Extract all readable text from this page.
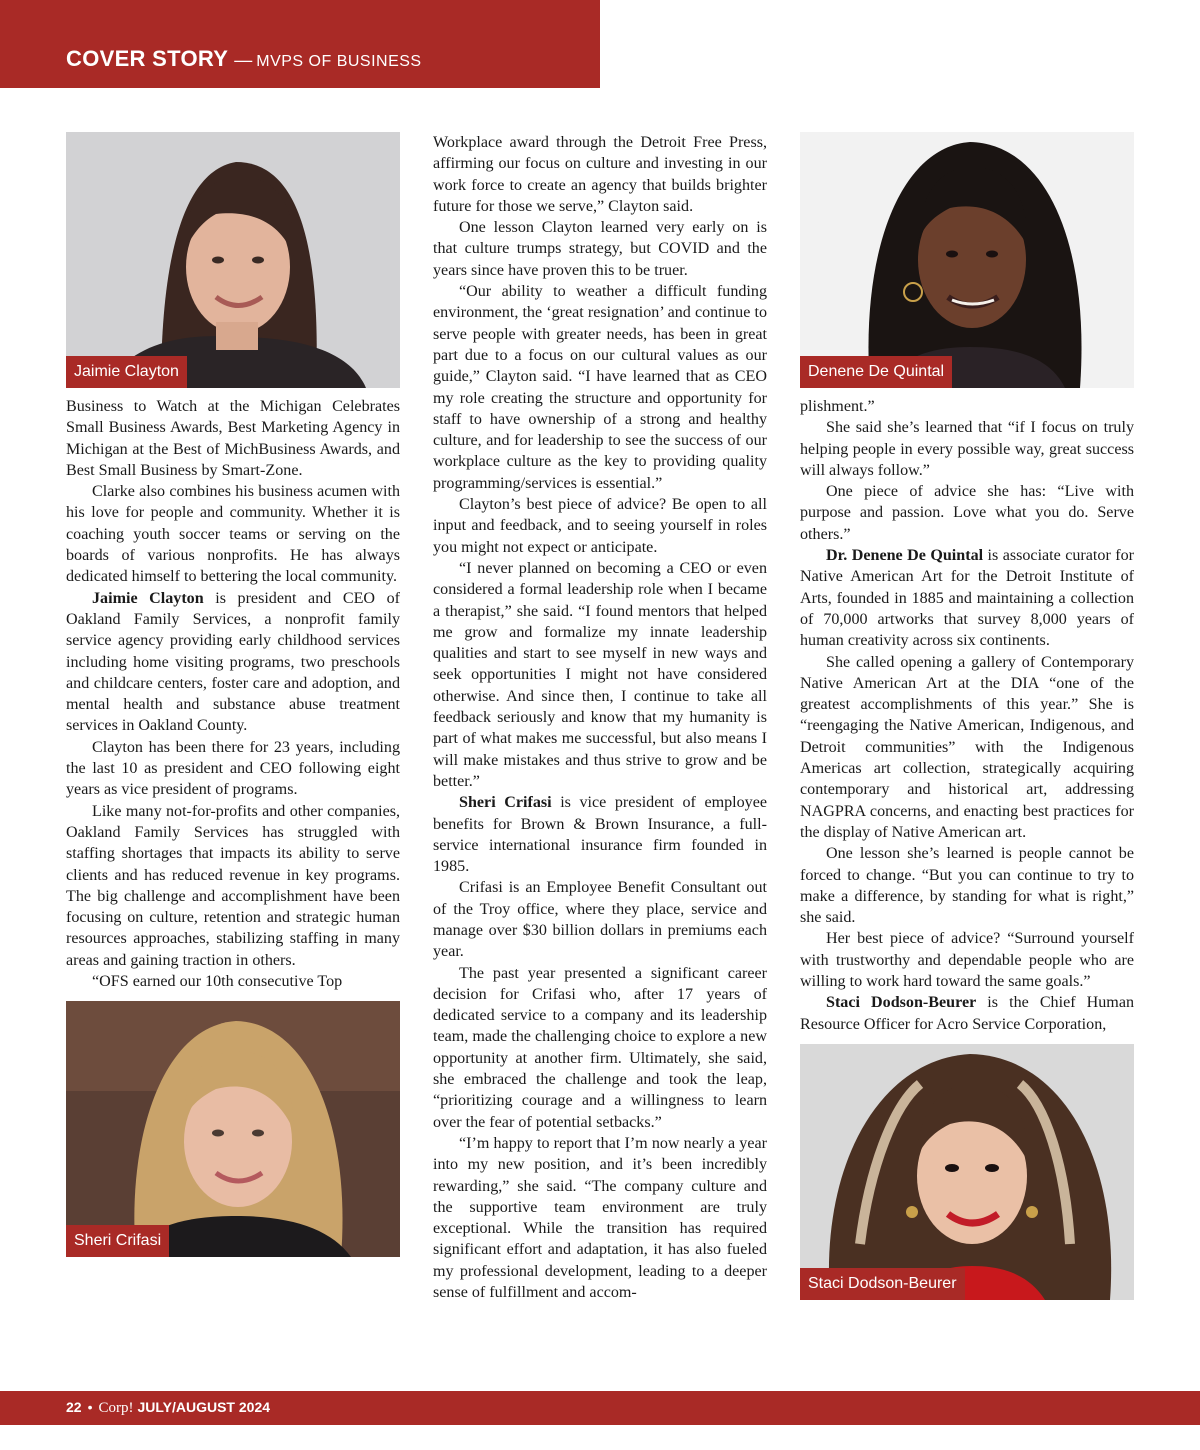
COVER STORY — MVPS OF BUSINESS
Jaimie Clayton

Business to Watch at the Michigan Celebrates Small Business Awards, Best Marketing Agency in Michigan at the Best of MichBusiness Awards, and Best Small Business by Smart-Zone.

Clarke also combines his business acumen with his love for people and community. Whether it is coaching youth soccer teams or serving on the boards of various nonprofits. He has always dedicated himself to bettering the local community.

Jaimie Clayton is president and CEO of Oakland Family Services, a nonprofit family service agency providing early childhood services including home visiting programs, two preschools and childcare centers, foster care and adoption, and mental health and substance abuse treatment services in Oakland County.

Clayton has been there for 23 years, including the last 10 as president and CEO following eight years as vice president of programs.

Like many not-for-profits and other companies, Oakland Family Services has struggled with staffing shortages that impacts its ability to serve clients and has reduced revenue in key programs. The big challenge and accomplishment have been focusing on culture, retention and strategic human resources approaches, stabilizing staffing in many areas and gaining traction in others.

“OFS earned our 10th consecutive Top

Sheri Crifasi

Workplace award through the Detroit Free Press, affirming our focus on culture and investing in our work force to create an agency that builds brighter future for those we serve,” Clayton said.

One lesson Clayton learned very early on is that culture trumps strategy, but COVID and the years since have proven this to be truer.

“Our ability to weather a difficult funding environment, the ‘great resignation’ and continue to serve people with greater needs, has been in great part due to a focus on our cultural values as our guide,” Clayton said. “I have learned that as CEO my role creating the structure and opportunity for staff to have ownership of a strong and healthy culture, and for leadership to see the success of our workplace culture as the key to providing quality programming/services is essential.”

Clayton’s best piece of advice? Be open to all input and feedback, and to seeing yourself in roles you might not expect or anticipate.

“I never planned on becoming a CEO or even considered a formal leadership role when I became a therapist,” she said. “I found mentors that helped me grow and formalize my innate leadership qualities and start to see myself in new ways and seek opportunities I might not have considered otherwise. And since then, I continue to take all feedback seriously and know that my humanity is part of what makes me successful, but also means I will make mistakes and thus strive to grow and be better.”

Sheri Crifasi is vice president of employee benefits for Brown & Brown Insurance, a full-service international insurance firm founded in 1985.

Crifasi is an Employee Benefit Consultant out of the Troy office, where they place, service and manage over $30 billion dollars in premiums each year.

The past year presented a significant career decision for Crifasi who, after 17 years of dedicated service to a company and its leadership team, made the challenging choice to explore a new opportunity at another firm. Ultimately, she said, she embraced the challenge and took the leap, “prioritizing courage and a willingness to learn over the fear of potential setbacks.”

“I’m happy to report that I’m now nearly a year into my new position, and it’s been incredibly rewarding,” she said. “The company culture and the supportive team environment are truly exceptional. While the transition has required significant effort and adaptation, it has also fueled my professional development, leading to a deeper sense of fulfillment and accom-

Denene De Quintal

plishment.”

She said she’s learned that “if I focus on truly helping people in every possible way, great success will always follow.”

One piece of advice she has: “Live with purpose and passion. Love what you do. Serve others.”

Dr. Denene De Quintal is associate curator for Native American Art for the Detroit Institute of Arts, founded in 1885 and maintaining a collection of 70,000 artworks that survey 8,000 years of human creativity across six continents.

She called opening a gallery of Contemporary Native American Art at the DIA “one of the greatest accomplishments of this year.” She is “reengaging the Native American, Indigenous, and Detroit communities” with the Indigenous Americas art collection, strategically acquiring contemporary and historical art, addressing NAGPRA concerns, and enacting best practices for the display of Native American art.

One lesson she’s learned is people cannot be forced to change. “But you can continue to try to make a difference, by standing for what is right,” she said.

Her best piece of advice? “Surround yourself with trustworthy and dependable people who are willing to work hard toward the same goals.”

Staci Dodson-Beurer is the Chief Human Resource Officer for Acro Service Corporation,

Staci Dodson-Beurer
22 • Corp! JULY/AUGUST 2024
